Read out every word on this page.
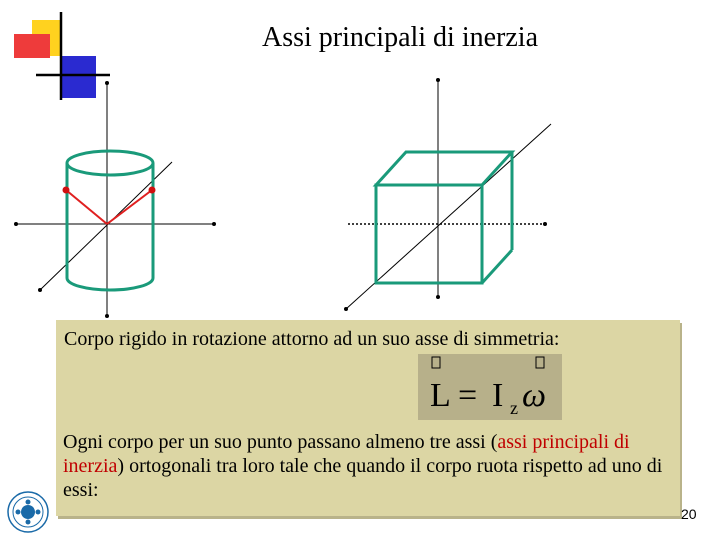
Assi principali di inerzia
Corpo rigido in rotazione attorno ad un suo asse di simmetria:
L = I z ω
Ogni corpo per un suo punto passano almeno tre assi (assi principali di inerzia) ortogonali tra loro tale che quando il corpo ruota rispetto ad uno di essi:
20
